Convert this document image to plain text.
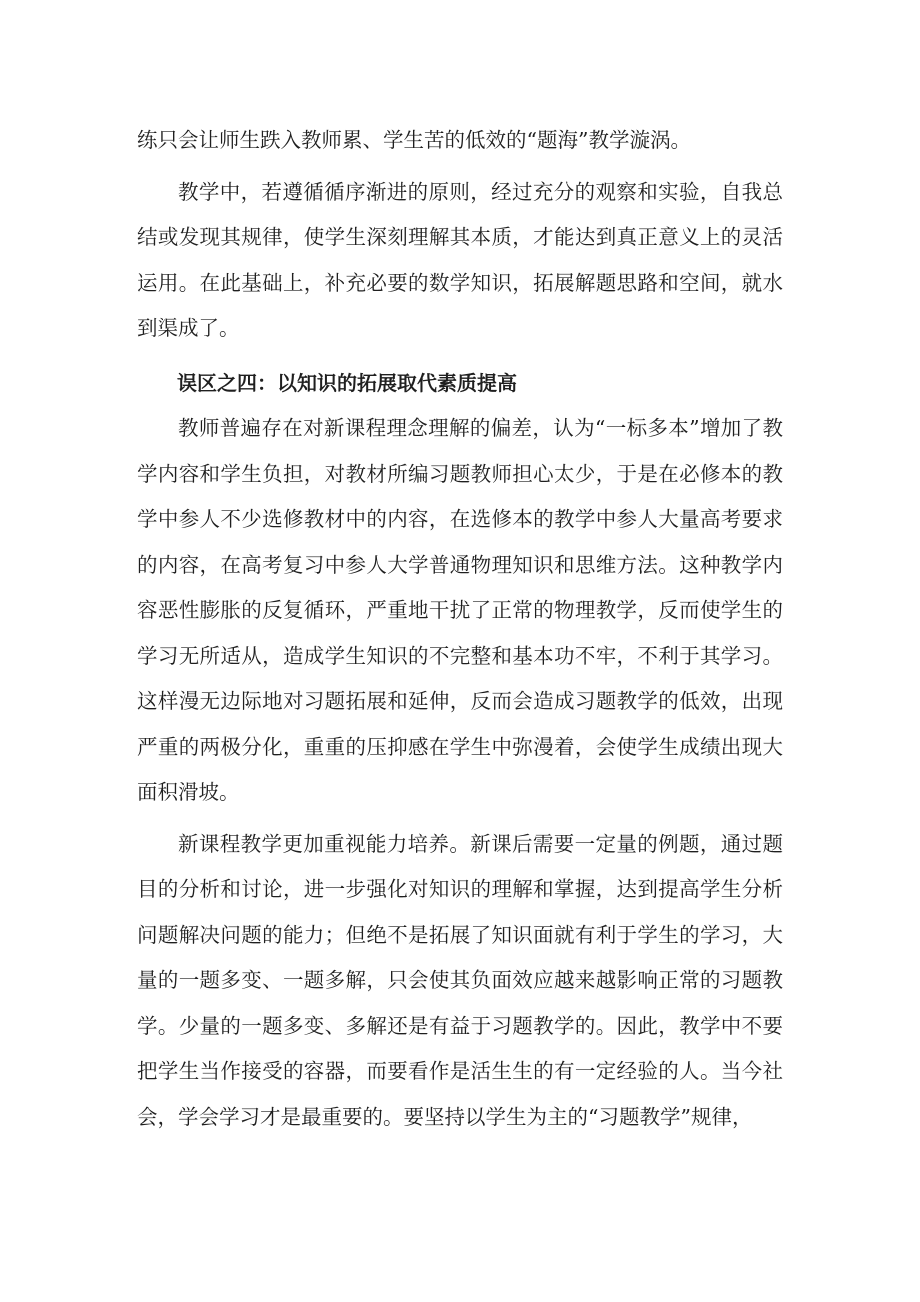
练只会让师生跌入教师累、学生苦的低效的“题海”教学漩涡。

教学中，若遵循循序渐进的原则，经过充分的观察和实验，自我总结或发现其规律，使学生深刻理解其本质，才能达到真正意义上的灵活运用。在此基础上，补充必要的数学知识，拓展解题思路和空间，就水到渠成了。

误区之四：以知识的拓展取代素质提高

教师普遍存在对新课程理念理解的偏差，认为“一标多本”增加了教学内容和学生负担，对教材所编习题教师担心太少，于是在必修本的教学中参人不少选修教材中的内容，在选修本的教学中参人大量高考要求的内容，在高考复习中参人大学普通物理知识和思维方法。这种教学内容恶性膨胀的反复循环，严重地干扰了正常的物理教学，反而使学生的学习无所适从，造成学生知识的不完整和基本功不牢，不利于其学习。这样漫无边际地对习题拓展和延伸，反而会造成习题教学的低效，出现严重的两极分化，重重的压抑感在学生中弥漫着，会使学生成绩出现大面积滑坡。

新课程教学更加重视能力培养。新课后需要一定量的例题，通过题目的分析和讨论，进一步强化对知识的理解和掌握，达到提高学生分析问题解决问题的能力；但绝不是拓展了知识面就有利于学生的学习，大量的一题多变、一题多解，只会使其负面效应越来越影响正常的习题教学。少量的一题多变、多解还是有益于习题教学的。因此，教学中不要把学生当作接受的容器，而要看作是活生生的有一定经验的人。当今社会，学会学习才是最重要的。要坚持以学生为主的“习题教学”规律，
